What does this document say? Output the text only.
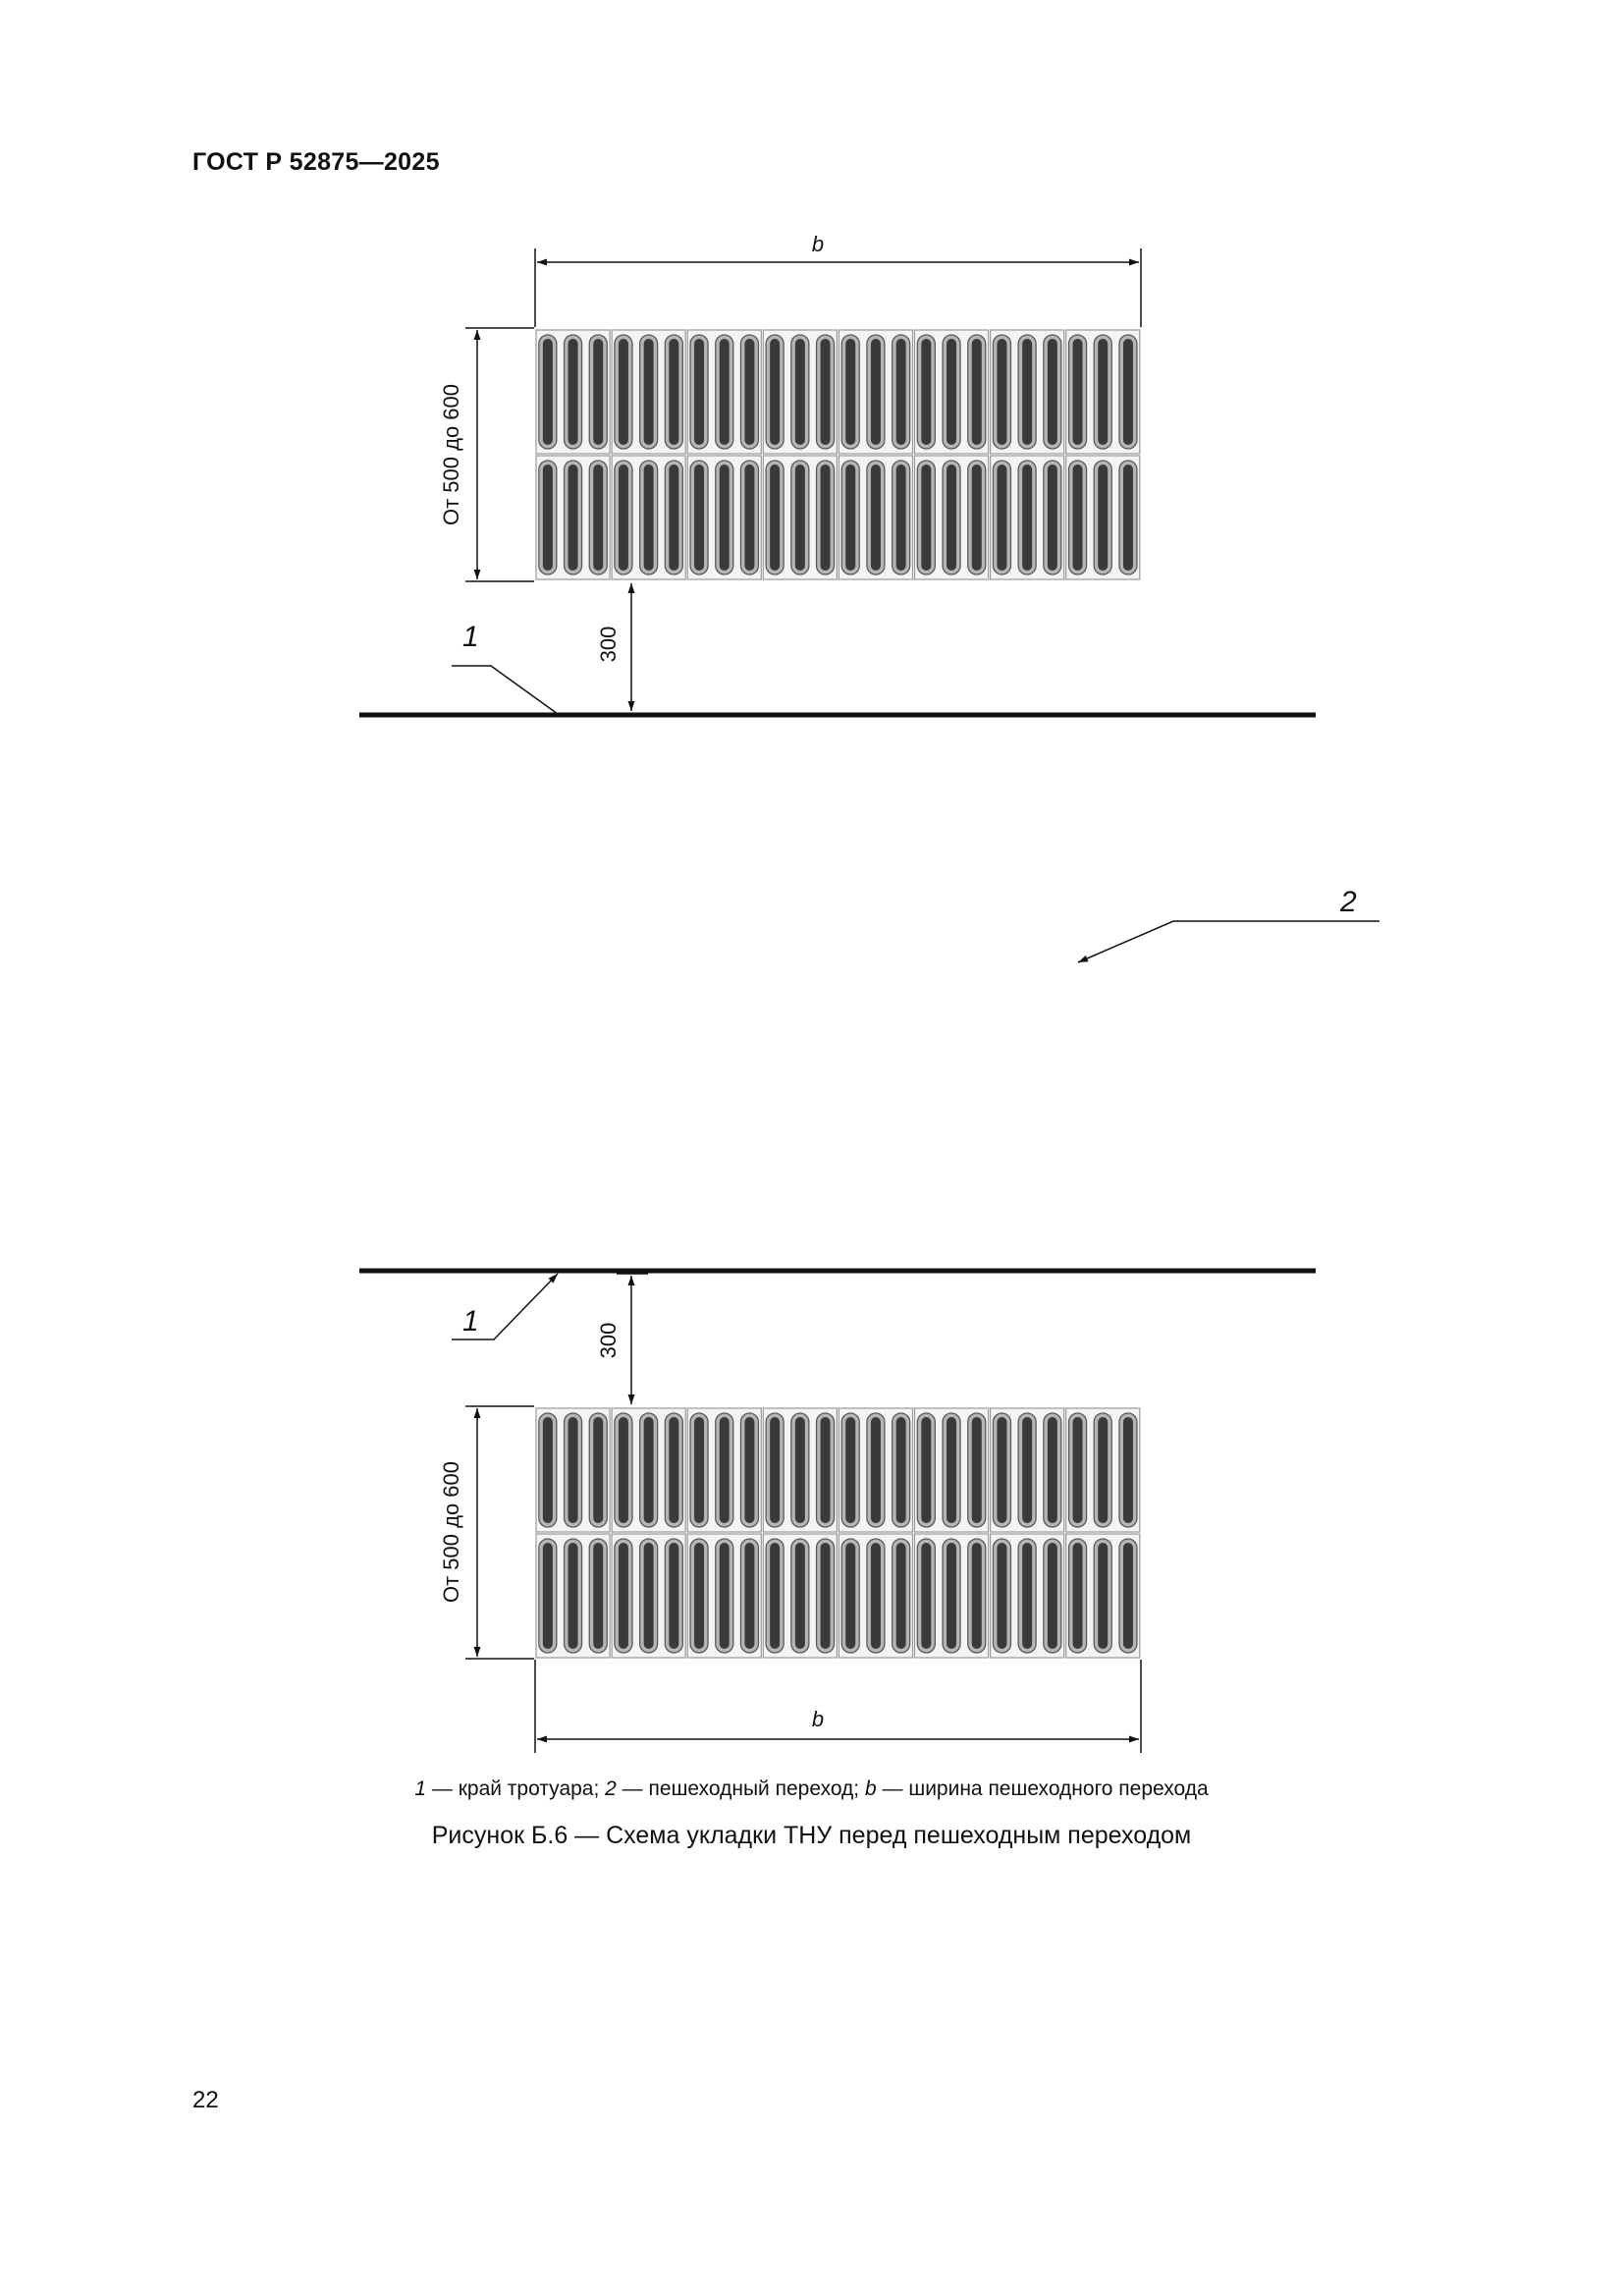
ГОСТ Р 52875—2025
b
От 500 до 600
300
1
2
1
300
От 500 до 600
b
1 — край тротуара; 2 — пешеходный переход; b — ширина пешеходного перехода
Рисунок Б.6 — Схема укладки ТНУ перед пешеходным переходом
22
